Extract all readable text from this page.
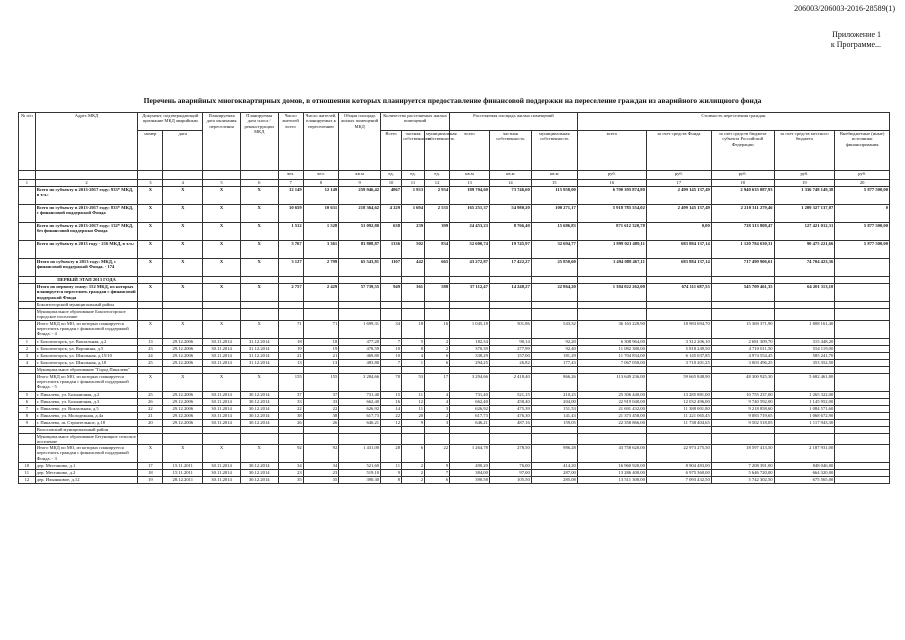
206003/206003-2016-28589(1)
Приложение 1
к Программе...
Перечень аварийных многоквартирных домов, в отношении которых планируется предоставление финансовой поддержки на переселение граждан из аварийного жилищного фонда
№ п/п	Адрес МКД	Документ, подтверждающий признание МКД аварийным		Планируемая дата окончания переселения	Планируемая дата сноса / реконструкции МКД	Число жителей всего	Число жителей, планируемых к переселению	Общая площадь жилых помещений МКД	Количество расселяемых жилых помещений			Расселяемая площадь жилых помещений			Стоимость переселения граждан				
		номер	дата						Всего	частная собственность	муниципальная собственность	всего	частная собственность	муниципальная собственность	всего	за счет средств Фонда	за счет средств бюджета субъекта Российской Федерации	за счет средств местного бюджета	Внебюджетные (иные) источники финансирования
						чел.	чел.	кв.м	ед.	ед.	ед.	кв.м	кв.м	кв.м	руб.	руб.	руб.	руб.	руб.
1	2	3	4	5	6	7	8	9	10	11	12	13	14	15	16	17	18	19	20
	Всего по субъекту в 2013-2017 году: 933* МКД, в т.ч.:	X	X	X	X	12 149	12 149	259 946,42	4867	1 933	2 934	189 704,60	73 746,60	115 958,00	6 790 395 874,80	2 499 145 137,49	2 940 635 087,93	1 336 748 149,38	5 877 500,00
	Всего по субъекту в 2013-2017 году: 833* МКД, с финансовой поддержкой Фонда	X	X	X	X	10 659	10 631	218 364,62	4 229	1 694	2 535	165 251,37	54 980,20	100 271,17	5 918 785 554,02	2 499 145 137,49	2 210 311 279,46	1 209 327 137,07	0
	Всего по субъекту в 2013-2017 году: 132* МКД, без финансовой поддержки Фонда	X	X	X	X	1 512	1 528	51 092,80	638	239	399	24 453,23	8 766,40	15 686,83	871 612 320,78	0,00	738 313 808,47	127 421 012,31	5 877 500,00
	Всего по субъекту в 2013 году - 216 МКД, в т.ч.:	X	X	X	X	3 767	3 361	83 808,87	1336	502	834	52 600,74	19 745,97	32 694,77	1 899 021 489,11	683 884 137,14	1 120 784 630,31	90 475 221,66	5 877 500,00
	Итого по субъекту в 2013 году: МКД, с финансовой поддержкой Фонда. - 174	X	X	X	X	3 127	2 799	65 543,81	1107	442	665	43 272,87	17 422,27	25 850,60	1 494 088 467,11	683 884 137,14	717 499 906,61	74 704 423,36	
	ПЕРВЫЙ ЭТАП 2013 ГОДА																		
	Итого по первому этапу: 152 МКД, из которых планируется переселить граждан с финансовой поддержкой Фонда	X	X	X	X	2 757	2 429	57 739,55	949	361	588	37 112,47	14 248,27	22 864,20	1 384 022 262,00	674 111 687,55	545 709 461,35	64 201 113,10	
	Бокситогорский муниципальный район																		
	Муниципальное образование Бокситогорское городское поселение																		
	Итого МКД по МО, из которых планируется переселить граждан с финансовой поддержкой Фонда. - 4	X	X	X	X	71	71	1 699,31	34	18	16	1 045,18	501,86	543,32	36 163 228,90	18 983 694,70	15 369 371,90	1 808 161,40	
1	г. Бокситогорск, ул. Вокзальная, д.2	13	29.12.2006	30.11.2014	31.12.2014	18	18	477,20	7	5	2	182,34	90,14	92,20	6 308 964,00	3 312 206,10	2 681 309,70	315 448,20	
2	г. Бокситогорск, ул. Воронина, д.5	23	29.12.2006	30.11.2014	31.12.2014	19	19	478,59	10	8	2	370,39	277,99	92,40	11 082 380,00	5 818 249,50	4 710 011,50	554 119,00	
3	г. Бокситогорск, ул. Школьная, д.15/10	24	29.12.2006	30.11.2014	31.12.2014	21	21	469,80	10	4	6	338,29	157,00	181,29	11 704 834,00	6 145 037,85	4 974 554,45	585 241,70	
4	г. Бокситогорск, ул. Школьная, д.18	25	29.12.2006	30.11.2014	31.12.2014	13	13	483,80	7	1	6	294,25	26,82	177,43	7 067 050,00	3 710 201,25	3 003 496,25	353 352,50	
	Муниципальное образование "Город Пикалево"																		
	Итого МКД по МО, из которых планируется переселить граждан с финансовой поддержкой Фонда. - 5	X	X	X	X	155	155	3 284,66	70	53	17	3 294,66	2 418,40	866,26	113 649 236,00	59 665 848,90	48 300 925,30	5 682 461,80	
5	г. Пикалево, ул. Больничная, д.2	25	29.12.2006	30.11.2014	30.12.2014	37	37	731,40	15	11	4	731,40	521,15	210,25	25 306 440,00	13 285 881,00	10 755 237,00	1 265 322,00	
6	г. Пикалево, ул. Больничная, д.3	26	29.12.2006	30.11.2014	30.12.2014	33	33	662,40	16	12	4	662,40	458,40	204,00	22 919 040,00	12 032 496,00	9 740 592,00	1 145 952,00	
7	г. Пикалево, ул. Вокзальная, д.5	22	29.12.2006	30.11.2014	30.12.2014	22	22	626,92	14	11	3	626,92	475,39	151,53	21 691 432,00	11 388 001,80	9 218 858,60	1 084 571,60	
8	г. Пикалево, ул. Молодежная, д.4а	21	29.12.2006	30.11.2014	30.12.2014	38	38	617,73	22	20	2	617,73	476,30	141,43	21 373 458,00	11 221 065,45	9 083 719,65	1 068 672,90	
9	г. Пикалево, ш. Строительное, д.18	20	29.12.2006	30.11.2014	30.12.2014	26	26	646,21	12	9	3	646,21	487,16	159,05	22 358 866,00	11 738 404,65	9 502 518,05	1 117 943,30	
	Волосовский муниципальный район																		
	Муниципальное образование Бегуницкое сельское поселение																		
	Итого МКД по МО, из которых планируется переселить граждан с финансовой поддержкой Фонда. - 3	X	X	X	X	92	92	1 431,00	28	6	22	1 264,78	278,50	986,28	43 758 620,00	22 973 275,50	18 597 413,50	2 187 931,00	
10	дер. Местаново, д.1	17	15.11.2011	30.11.2014	30.12.2014	34	34	521,60	11	2	9	490,20	76,00	414,20	16 960 920,00	8 904 483,00	7 208 391,00	848 046,00	
11	дер. Местаново, д.2	18	15.11.2011	30.11.2014	30.12.2014	23	23	519,10	9	2	7	384,00	97,00	287,00	13 286 400,00	6 975 360,00	5 646 720,00	664 320,00	
12	дер. Ильинковое, д.12	19	28.12.2011	30.11.2014	30.12.2014	35	35	390,30	8	2	6	390,58	105,50	285,08	13 511 300,00	7 093 432,50	5 742 302,50	675 565,00	
